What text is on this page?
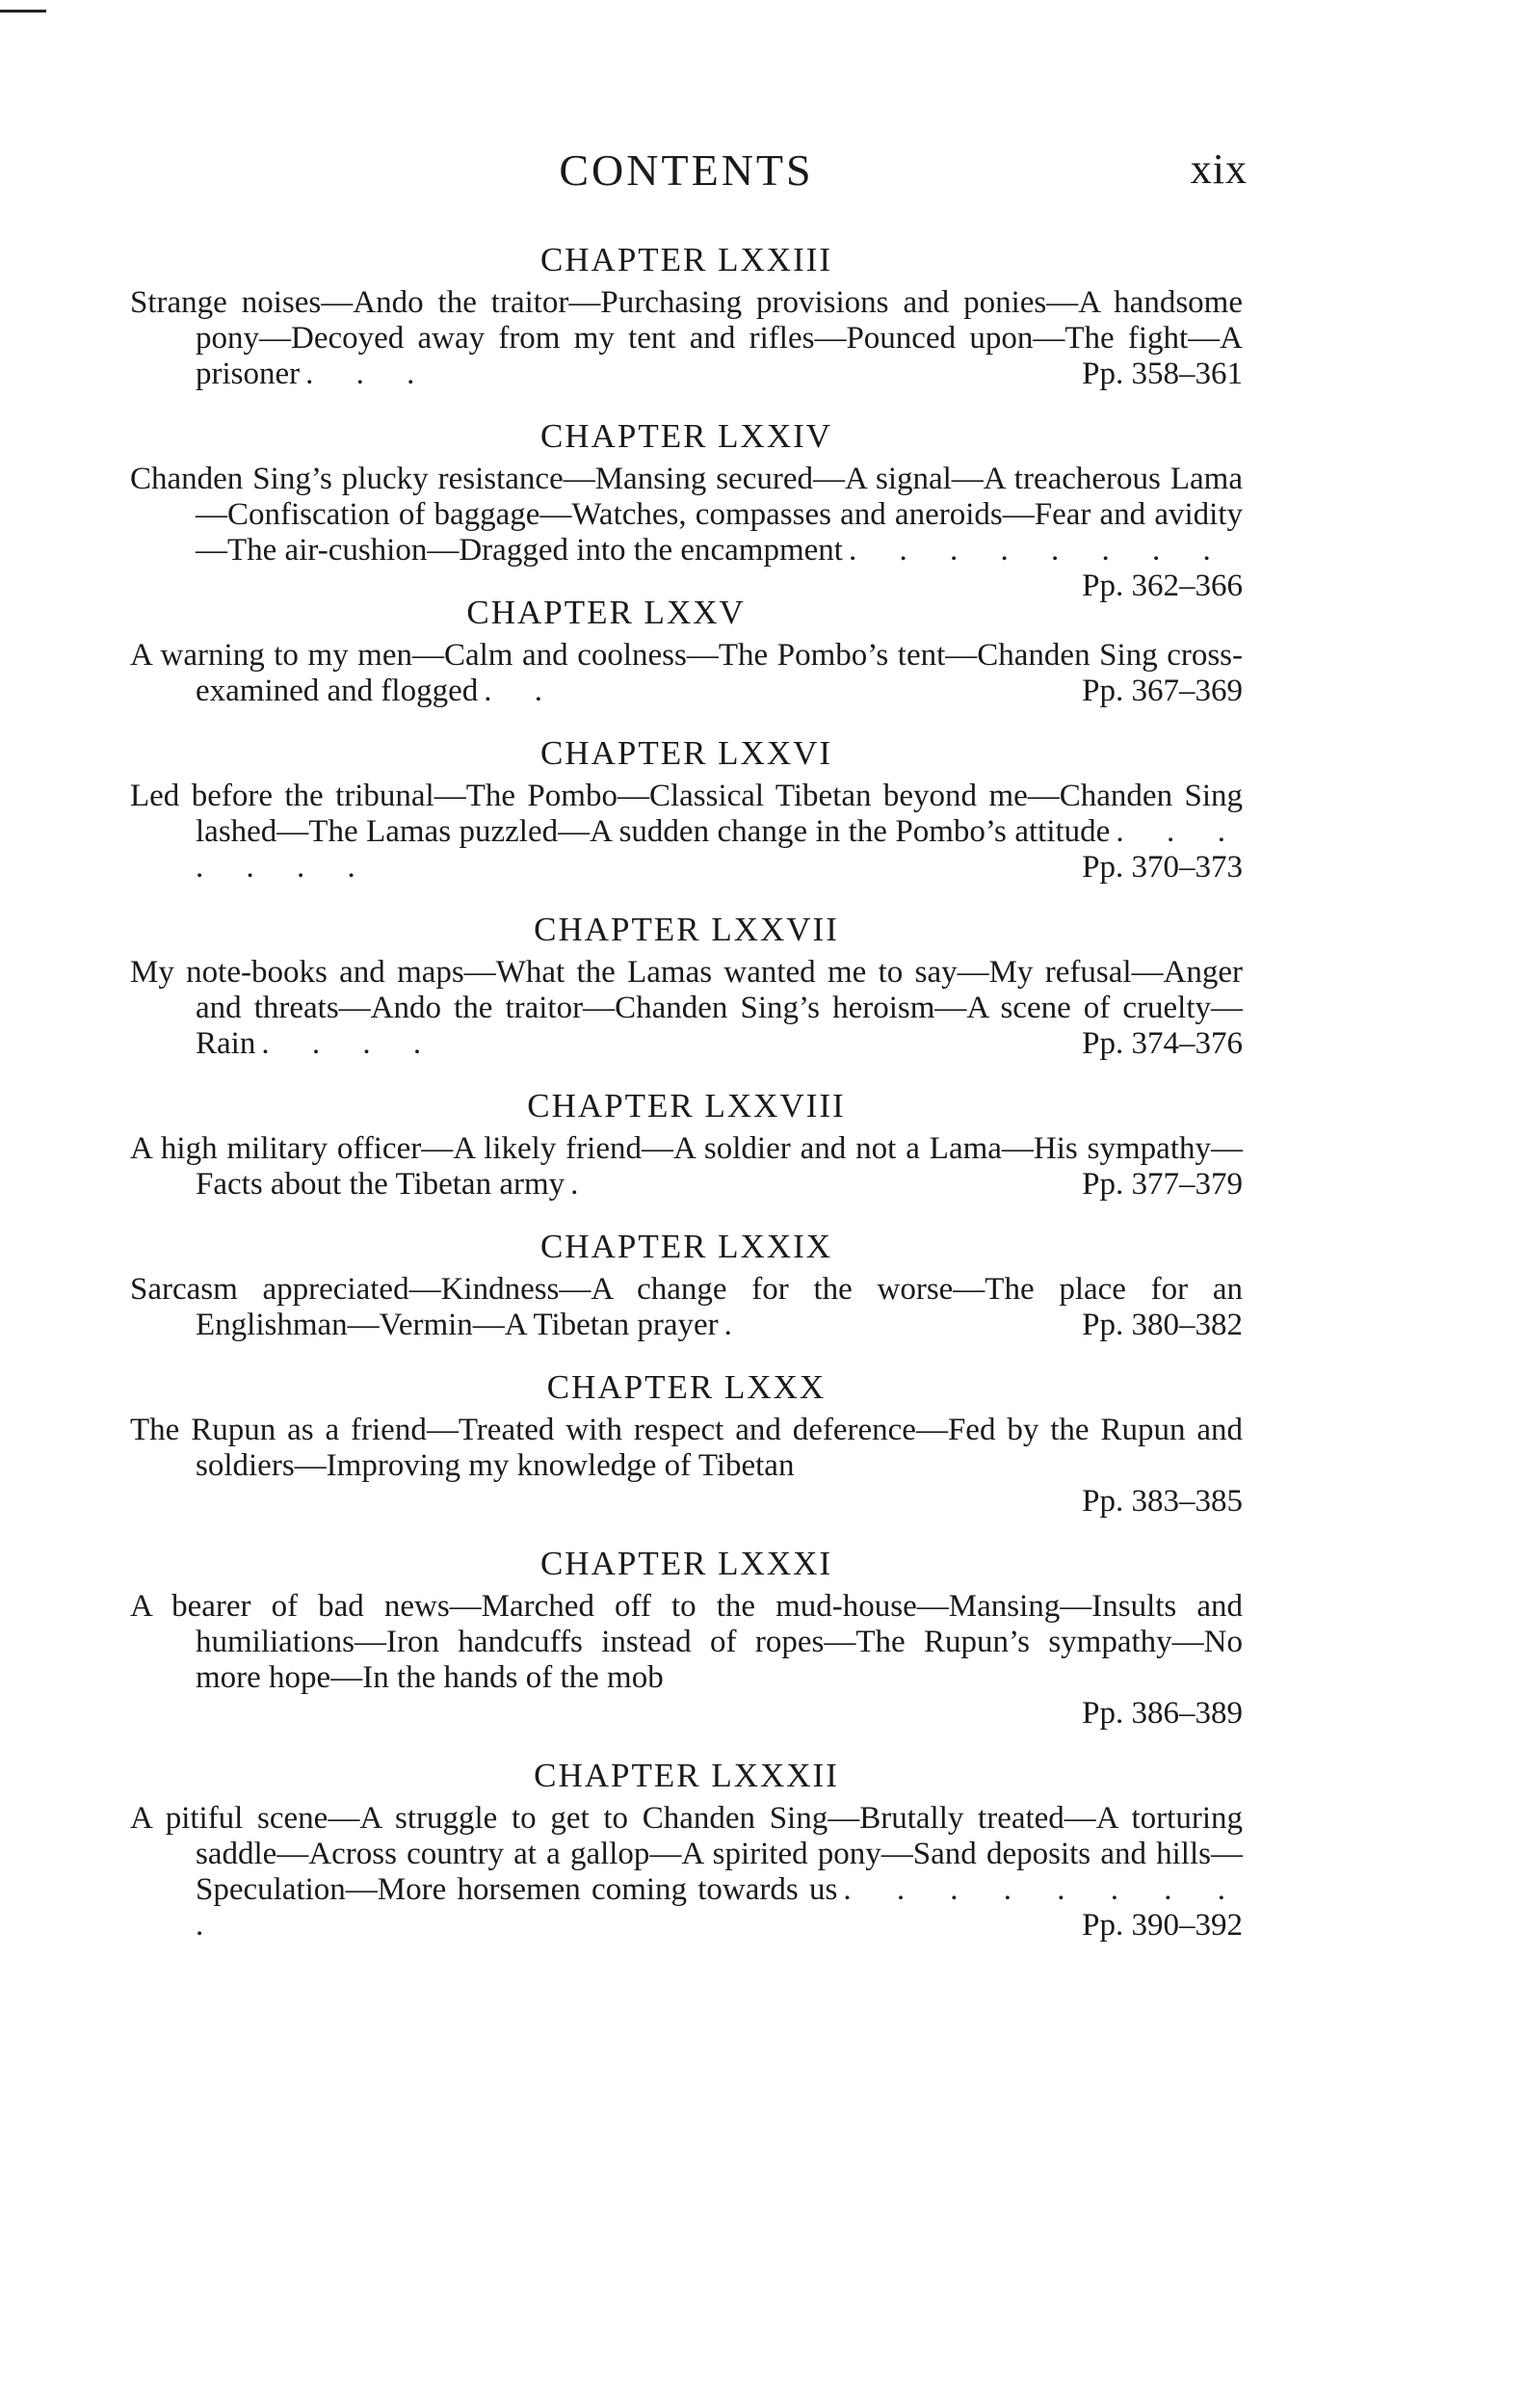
CONTENTS	xix
CHAPTER LXXIII
Strange noises—Ando the traitor—Purchasing provisions and ponies—A handsome pony—Decoyed away from my tent and rifles—Pounced upon—The fight—A prisoner . . .	Pp. 358–361
CHAPTER LXXIV
Chanden Sing’s plucky resistance—Mansing secured—A signal—A treacherous Lama—Confiscation of baggage—Watches, compasses and aneroids—Fear and avidity—The air-cushion—Dragged into the encampment . . . . . . . .
Pp. 362–366
CHAPTER LXXV
A warning to my men—Calm and coolness—The Pombo’s tent—Chanden Sing cross-examined and flogged . .	Pp. 367–369
CHAPTER LXXVI
Led before the tribunal—The Pombo—Classical Tibetan beyond me—Chanden Sing lashed—The Lamas puzzled—A sudden change in the Pombo’s attitude . . . . . . .	Pp. 370–373
CHAPTER LXXVII
My note-books and maps—What the Lamas wanted me to say—My refusal—Anger and threats—Ando the traitor—Chanden Sing’s heroism—A scene of cruelty—Rain . . . .	Pp. 374–376
CHAPTER LXXVIII
A high military officer—A likely friend—A soldier and not a Lama—His sympathy—Facts about the Tibetan army .	Pp. 377–379
CHAPTER LXXIX
Sarcasm appreciated—Kindness—A change for the worse—The place for an Englishman—Vermin—A Tibetan prayer .	Pp. 380–382
CHAPTER LXXX
The Rupun as a friend—Treated with respect and deference—Fed by the Rupun and soldiers—Improving my knowledge of Tibetan
Pp. 383–385
CHAPTER LXXXI
A bearer of bad news—Marched off to the mud-house—Mansing—Insults and humiliations—Iron handcuffs instead of ropes—The Rupun’s sympathy—No more hope—In the hands of the mob
Pp. 386–389
CHAPTER LXXXII
A pitiful scene—A struggle to get to Chanden Sing—Brutally treated—A torturing saddle—Across country at a gallop—A spirited pony—Sand deposits and hills—Speculation—More horsemen coming towards us . . . . . . . . .	Pp. 390–392
